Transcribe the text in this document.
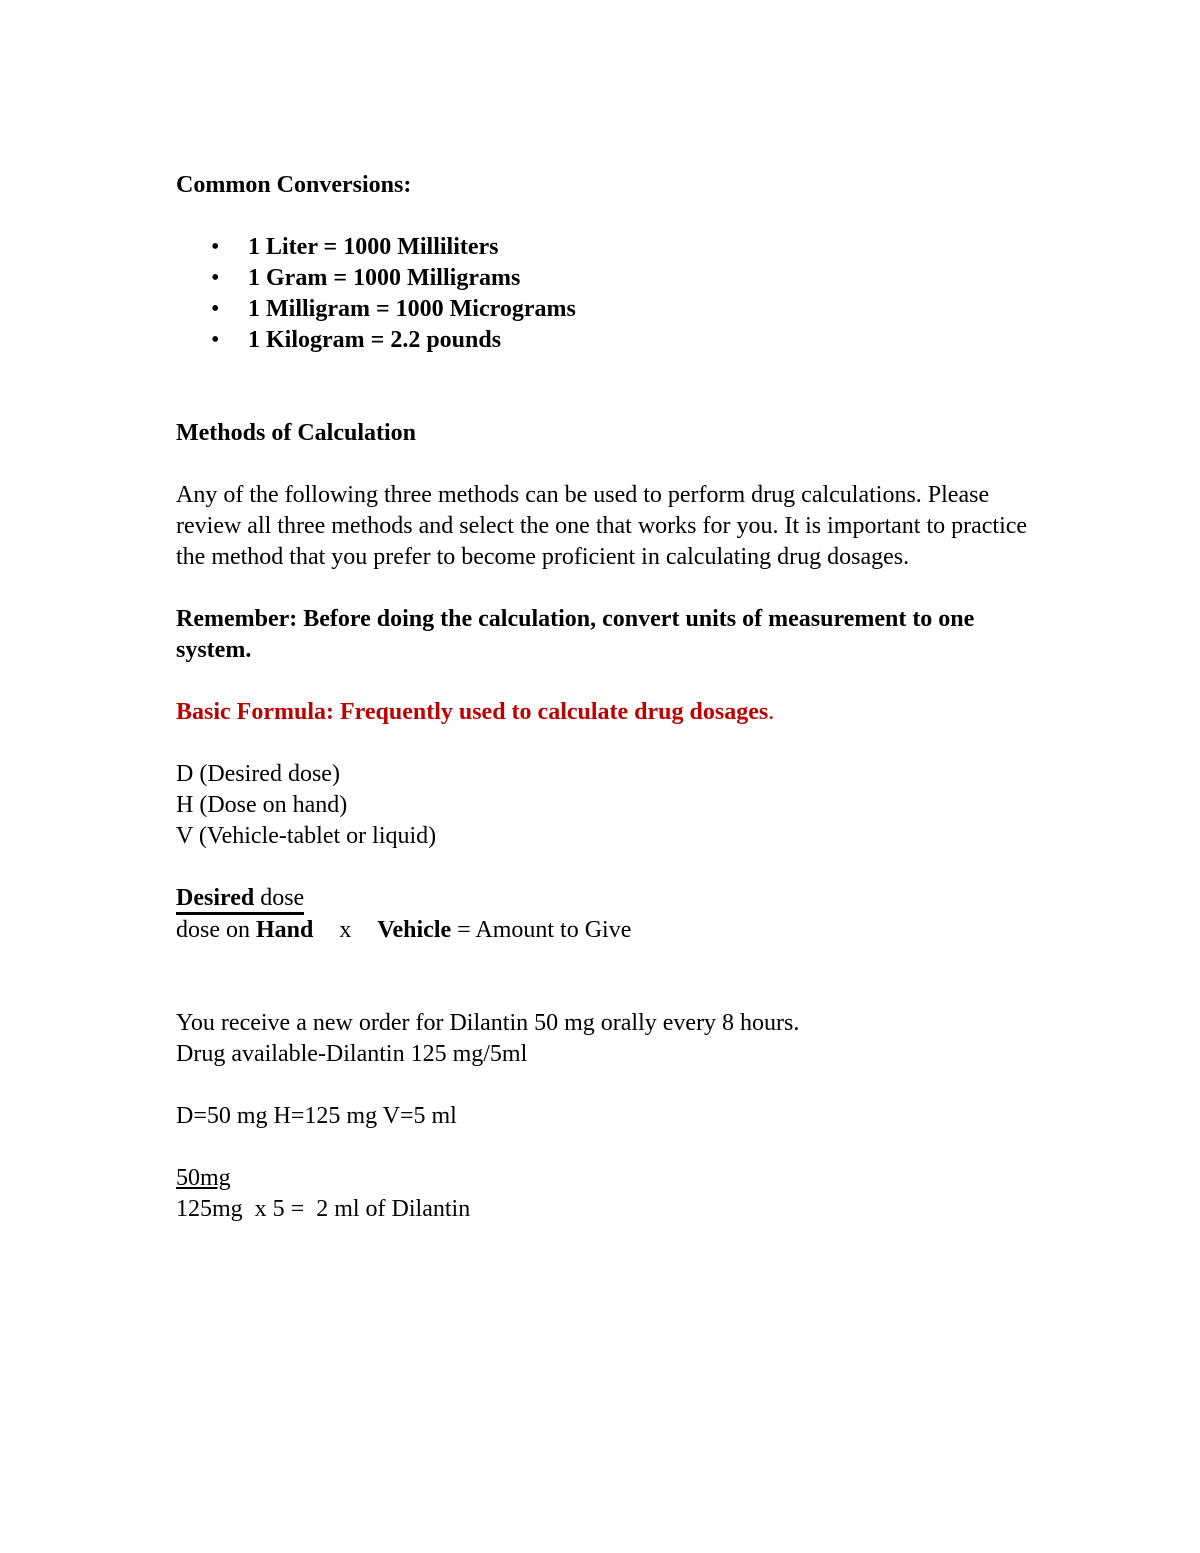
Common Conversions:

• 1 Liter = 1000 Milliliters
• 1 Gram = 1000 Milligrams
• 1 Milligram = 1000 Micrograms
• 1 Kilogram = 2.2 pounds

Methods of Calculation

Any of the following three methods can be used to perform drug calculations. Please review all three methods and select the one that works for you. It is important to practice the method that you prefer to become proficient in calculating drug dosages.

Remember: Before doing the calculation, convert units of measurement to one system.

Basic Formula: Frequently used to calculate drug dosages.

D (Desired dose)

H (Dose on hand)

V (Vehicle-tablet or liquid)

Desired dose

dose on Hand x Vehicle = Amount to Give

You receive a new order for Dilantin 50 mg orally every 8 hours.

Drug available-Dilantin 125 mg/5ml

D=50 mg H=125 mg V=5 ml

50mg

125mg  x 5 =  2 ml of Dilantin
